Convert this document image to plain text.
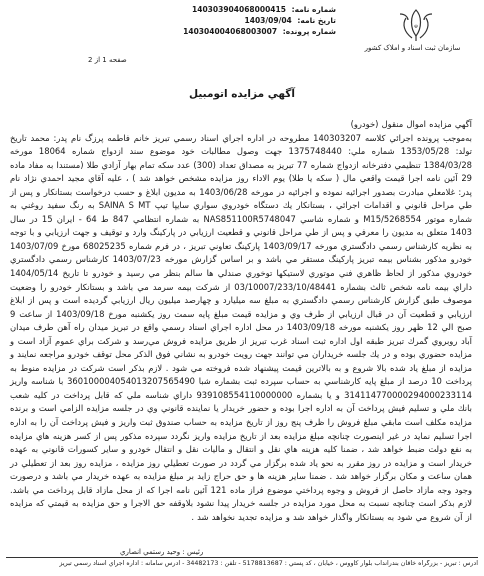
شماره نامه: 140303904068000415
تاریخ نامه: 1403/09/04
شماره پرونده: 140304004068003007	☫
سازمان ثبت اسناد و املاک کشور
صفحه 1 از 2
آگهي مزايده اتومبيل

آگهي مزايده اموال منقول (خودرو)

به‌موجب پرونده اجرائي كلاسه 140303207 مطروحه در اداره اجراي اسناد رسمي تبريز خانم فاطمه پرزگ نام پدر: محمد تاريخ تولد: 1353/05/28 شماره ملي: 1375748440 جهت وصول مطالبات خود موضوع سند ازدواج شماره 18064 مورخه 1384/03/28 تنظيمي دفترخانه ازدواج شماره 77 تبريز به مصداق تعداد (300) عدد سكه تمام بهار آزادي طلا (مستندا به مفاد ماده 29 آئين نامه اجرا قيمت واقعي مال ( سكه يا طلا) يوم الاداء روز مزايده مشخص خواهد شد ) ، عليه آقاي مجيد احمدي نژاد نام پدر: غلامعلي مبادرت بصدور اجرائيه نموده و اجرائيه در مورخه 1403/06/28 به مديون ابلاغ و حسب درخواست بستانكار و پس از طي مراحل قانوني و اقدامات اجرائي ، بستانكار يك دستگاه خودروي سواري سايپا تيپ SAINA S MT به رنگ سفيد روغني به شماره موتور M15/5268554 و شماره شاسي NAS851100R5748047 به شماره انتظامي 847 ط 64 - ايران 15 در سال 1403 متعلق به مديون را معرفي و پس از طي مراحل قانوني و قطعيت ارزيابي در پاركينگ وارد و توقيف و جهت ارزيابي و با توجه به نظريه كارشناس رسمي دادگستري مورخه 1403/09/17 پاركينگ تعاوني تبريز ، در فرم شماره 68025235 مورخ 1403/07/09 خودرو مذكور بشناس بيمه تبريز پاركينگ مستقر مي باشد و بر اساس گزارش مورخه 1403/07/23 كارشناس رسمي دادگستري خودروي مذكور از لحاظ ظاهري فني موتوري لاستيكها توخوري صندلي ها سالم بنظر مي رسيد و خودرو تا تاريخ 1404/05/14 داراي بيمه نامه شخص ثالث بشماره 03/10007/233/10/48441 از شركت بيمه سرمد مي باشد و بستانكار خودرو را وضعيت موصوف طبق گزارش كارشناس رسمي دادگستري به مبلغ سه ميليارد و چهارصد ميليون ريال ارزيابي گرديده است و پس از ابلاغ ارزيابي و قطعيت آن در قبال ارزيابي از طرف وي و مزايده قيمت مبلغ پايه سمت روز يكشنبه مورخ 1403/09/18 از ساعت 9 صبح الي 12 ظهر روز يكشنبه مورخه 1403/09/18 در محل اداره اجراي اسناد رسمي واقع در تبريز ميدان راه آهن طرف ميدان آباد روبروي گمرك تبريز طبقه اول اداره ثبت اسناد غرب تبريز از طريق مزايده فروش مي‌رسد و شركت براي عموم آزاد است و مزايده حضوري بوده و در يك جلسه خريداران مي توانند جهت رويت خودرو به نشاني فوق الذكر محل توقف خودرو مراجعه نمايند و مزايده از مبلغ ياد شده بالا شروع و به بالاترين قيمت پيشنهاد شده فروخته مي شود . لازم بذكر است شركت در مزايده منوط به پرداخت 10 درصد از مبلغ پايه كارشناسي به حساب سپرده ثبت بشماره شبا 360100004054013207565490 با شناسه واريز 314114770000294000233114 و يا بشماره 939108554110000000 داراي شناسه ملي كه قابل پرداخت در كليه شعب بانك ملي و تسليم فيش پرداخت آن به اداره اجرا بوده و حضور خريدار يا نماينده قانوني وي در جلسه مزايده الزامي است و برنده مزايده مكلف است مابقي مبلغ فروش را ظرف پنج روز از تاريخ مزايده به حساب صندوق ثبت واريز و فيش پرداخت آن را به اداره اجرا تسليم نمايد در غير اينصورت چنانچه مبلغ مزايده بعد از تاريخ مزايده واريز نگردد سپرده مذكور پس از كسر هزينه هاي مزايده به نفع دولت ضبط خواهد شد ، ضمنا كليه هزينه هاي نقل و انتقال و ماليات نقل و انتقال خودرو و ساير كسورات قانوني به عهده خريدار است و مزايده در روز مقرر به نحو ياد شده برگزار مي گردد در صورت تعطيلي روز مزايده ، مزايده روز بعد از تعطيلي در همان ساعت و مكان برگزار خواهد شد . ضمنا ساير هزينه ها و حق حراج زايد بر مبلغ مزايده به عهده خريدار مي باشد و درصورت وجود وجه مازاد حاصل از فروش و وجوه پرداختي موضوع فراز ماده 121 آئين نامه اجرا كه از محل مازاد قابل پرداخت مي باشد. لازم بذكر است چنانچه نسبت به محل مورد مزايده در جلسه خريدار پيدا نشود بلاوقفه حق الاجرا و حق مزايده به قيمتي كه مزايده از آن شروع مي شود به بستانكار واگذار خواهد شد و مزايده تجديد نخواهد شد .

رئيس : وحيد رستمي انصاري
آدرس : تبريز - بزرگراه خاقان بندرانداب بلوار كاووس ، خيابان ، كد پستي : 5178813687 - تلفن : 34482173 - آدرس سامانه : اداره اجراي اسناد رسمي تبريز
